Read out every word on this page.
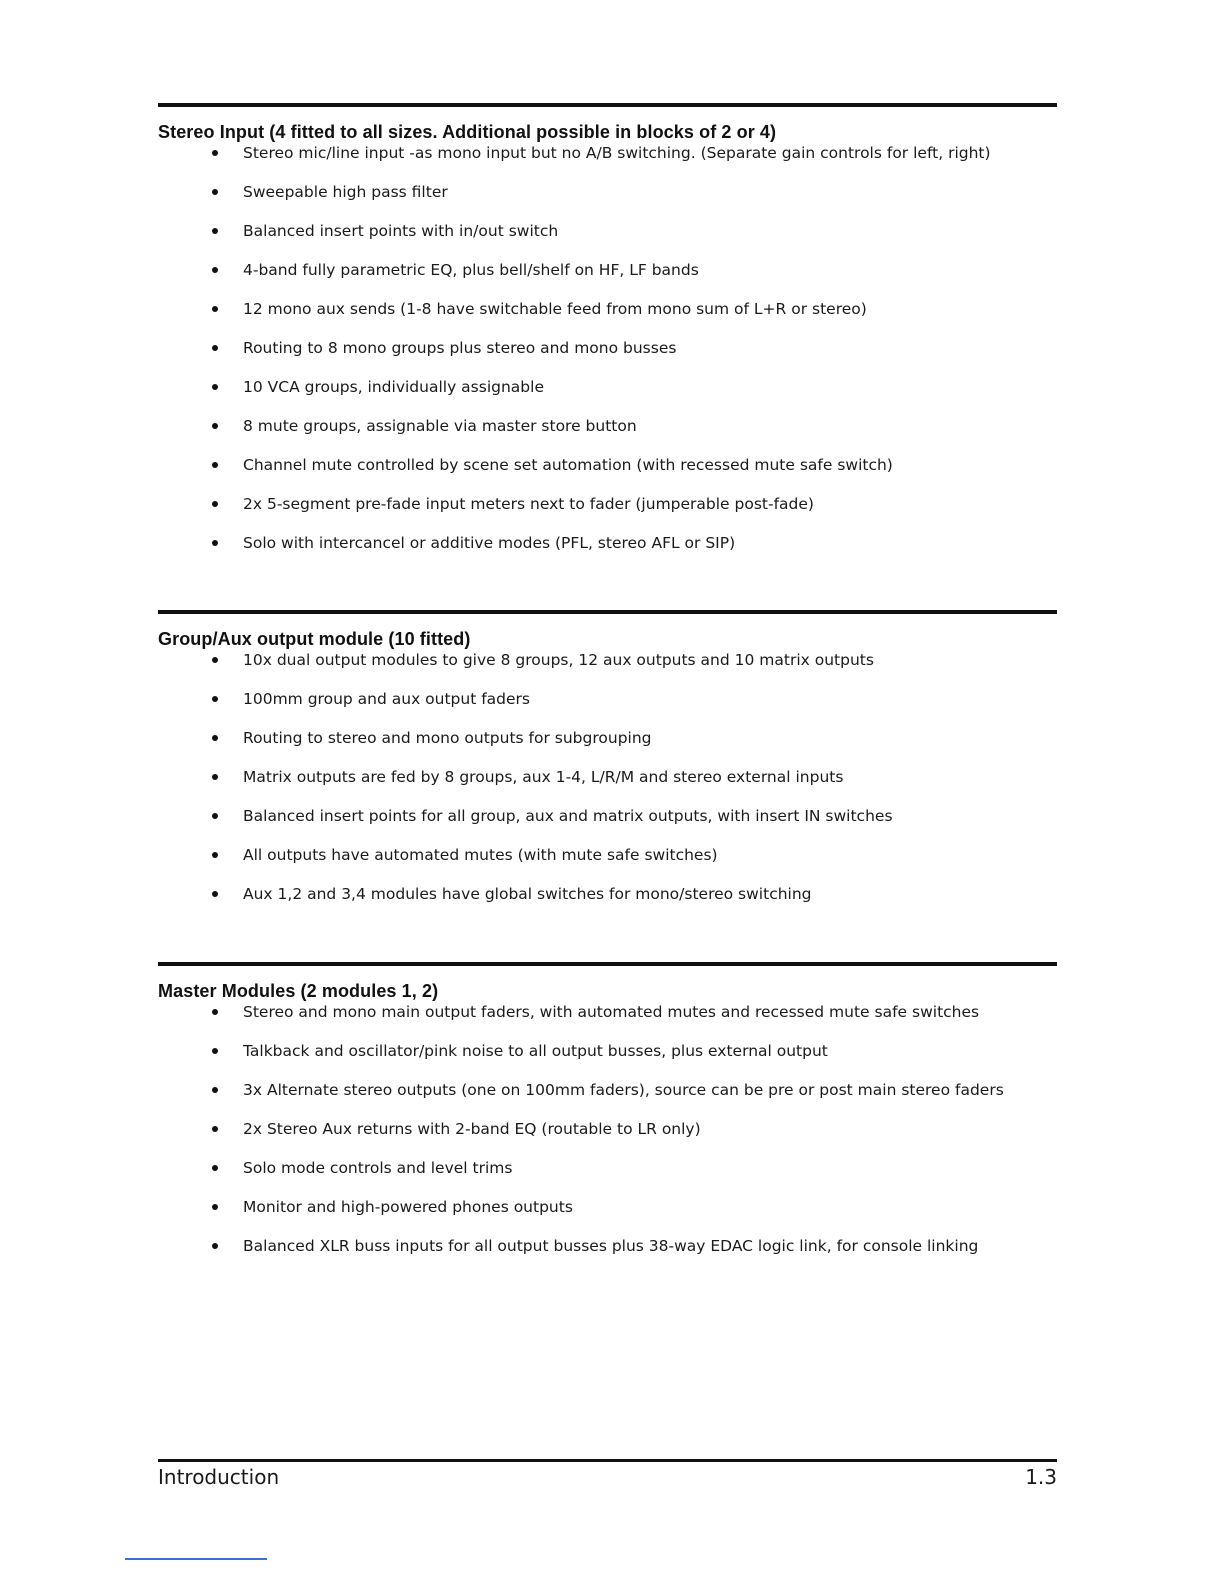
Stereo Input (4 fitted to all sizes. Additional possible in blocks of 2 or 4)
Stereo mic/line input -as mono input but no A/B switching. (Separate gain controls for left, right)
Sweepable high pass filter
Balanced insert points with in/out switch
4-band fully parametric EQ, plus bell/shelf on HF, LF bands
12 mono aux sends (1-8 have switchable feed from mono sum of L+R or stereo)
Routing to 8 mono groups plus stereo and mono busses
10 VCA groups, individually assignable
8 mute groups, assignable via master store button
Channel mute controlled by scene set automation (with recessed mute safe switch)
2x 5-segment pre-fade input meters next to fader (jumperable post-fade)
Solo with intercancel or additive modes (PFL, stereo AFL or SIP)
Group/Aux output module (10 fitted)
10x dual output modules to give 8 groups, 12 aux outputs and 10 matrix outputs
100mm group and aux output faders
Routing to stereo and mono outputs for subgrouping
Matrix outputs are fed by 8 groups, aux 1-4, L/R/M and stereo external inputs
Balanced insert points for all group, aux and matrix outputs, with insert IN switches
All outputs have automated mutes (with mute safe switches)
Aux 1,2 and 3,4 modules have global switches for mono/stereo switching
Master Modules (2 modules 1, 2)
Stereo and mono main output faders, with automated mutes and recessed mute safe switches
Talkback and oscillator/pink noise to all output busses, plus external output
3x Alternate stereo outputs (one on 100mm faders), source can be pre or post main stereo faders
2x Stereo Aux returns with 2-band EQ (routable to LR only)
Solo mode controls and level trims
Monitor and high-powered phones outputs
Balanced XLR buss inputs for all output busses plus 38-way EDAC logic link, for console linking
Introduction	1.3
